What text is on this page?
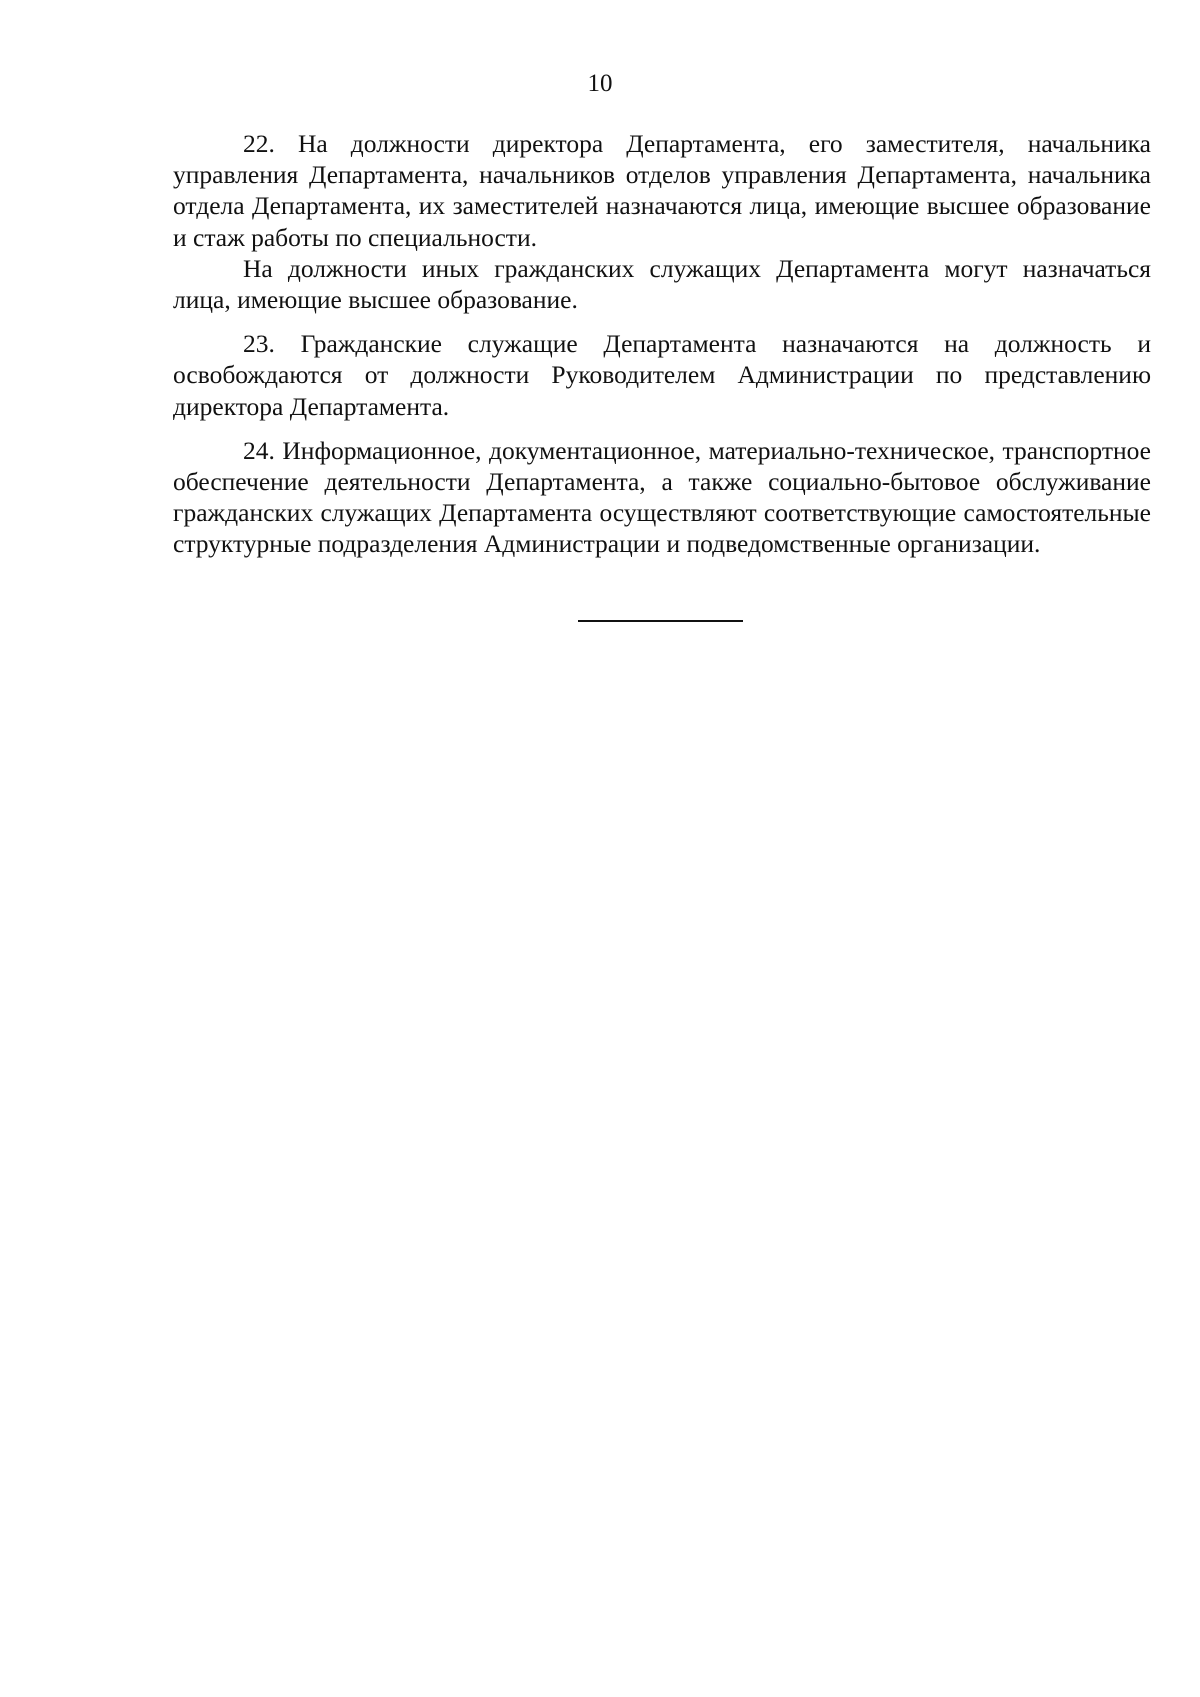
10

22. На должности директора Департамента, его заместителя, начальника управления Департамента, начальников отделов управления Департамента, начальника отдела Департамента, их заместителей назначаются лица, имеющие высшее образование и стаж работы по специальности.

На должности иных гражданских служащих Департамента могут назначаться лица, имеющие высшее образование.

23. Гражданские служащие Департамента назначаются на должность и освобождаются от должности Руководителем Администрации по представлению директора Департамента.

24. Информационное, документационное, материально-техническое, транспортное обеспечение деятельности Департамента, а также социально-бытовое обслуживание гражданских служащих Департамента осуществляют соответствующие самостоятельные структурные подразделения Администрации и подведомственные организации.
